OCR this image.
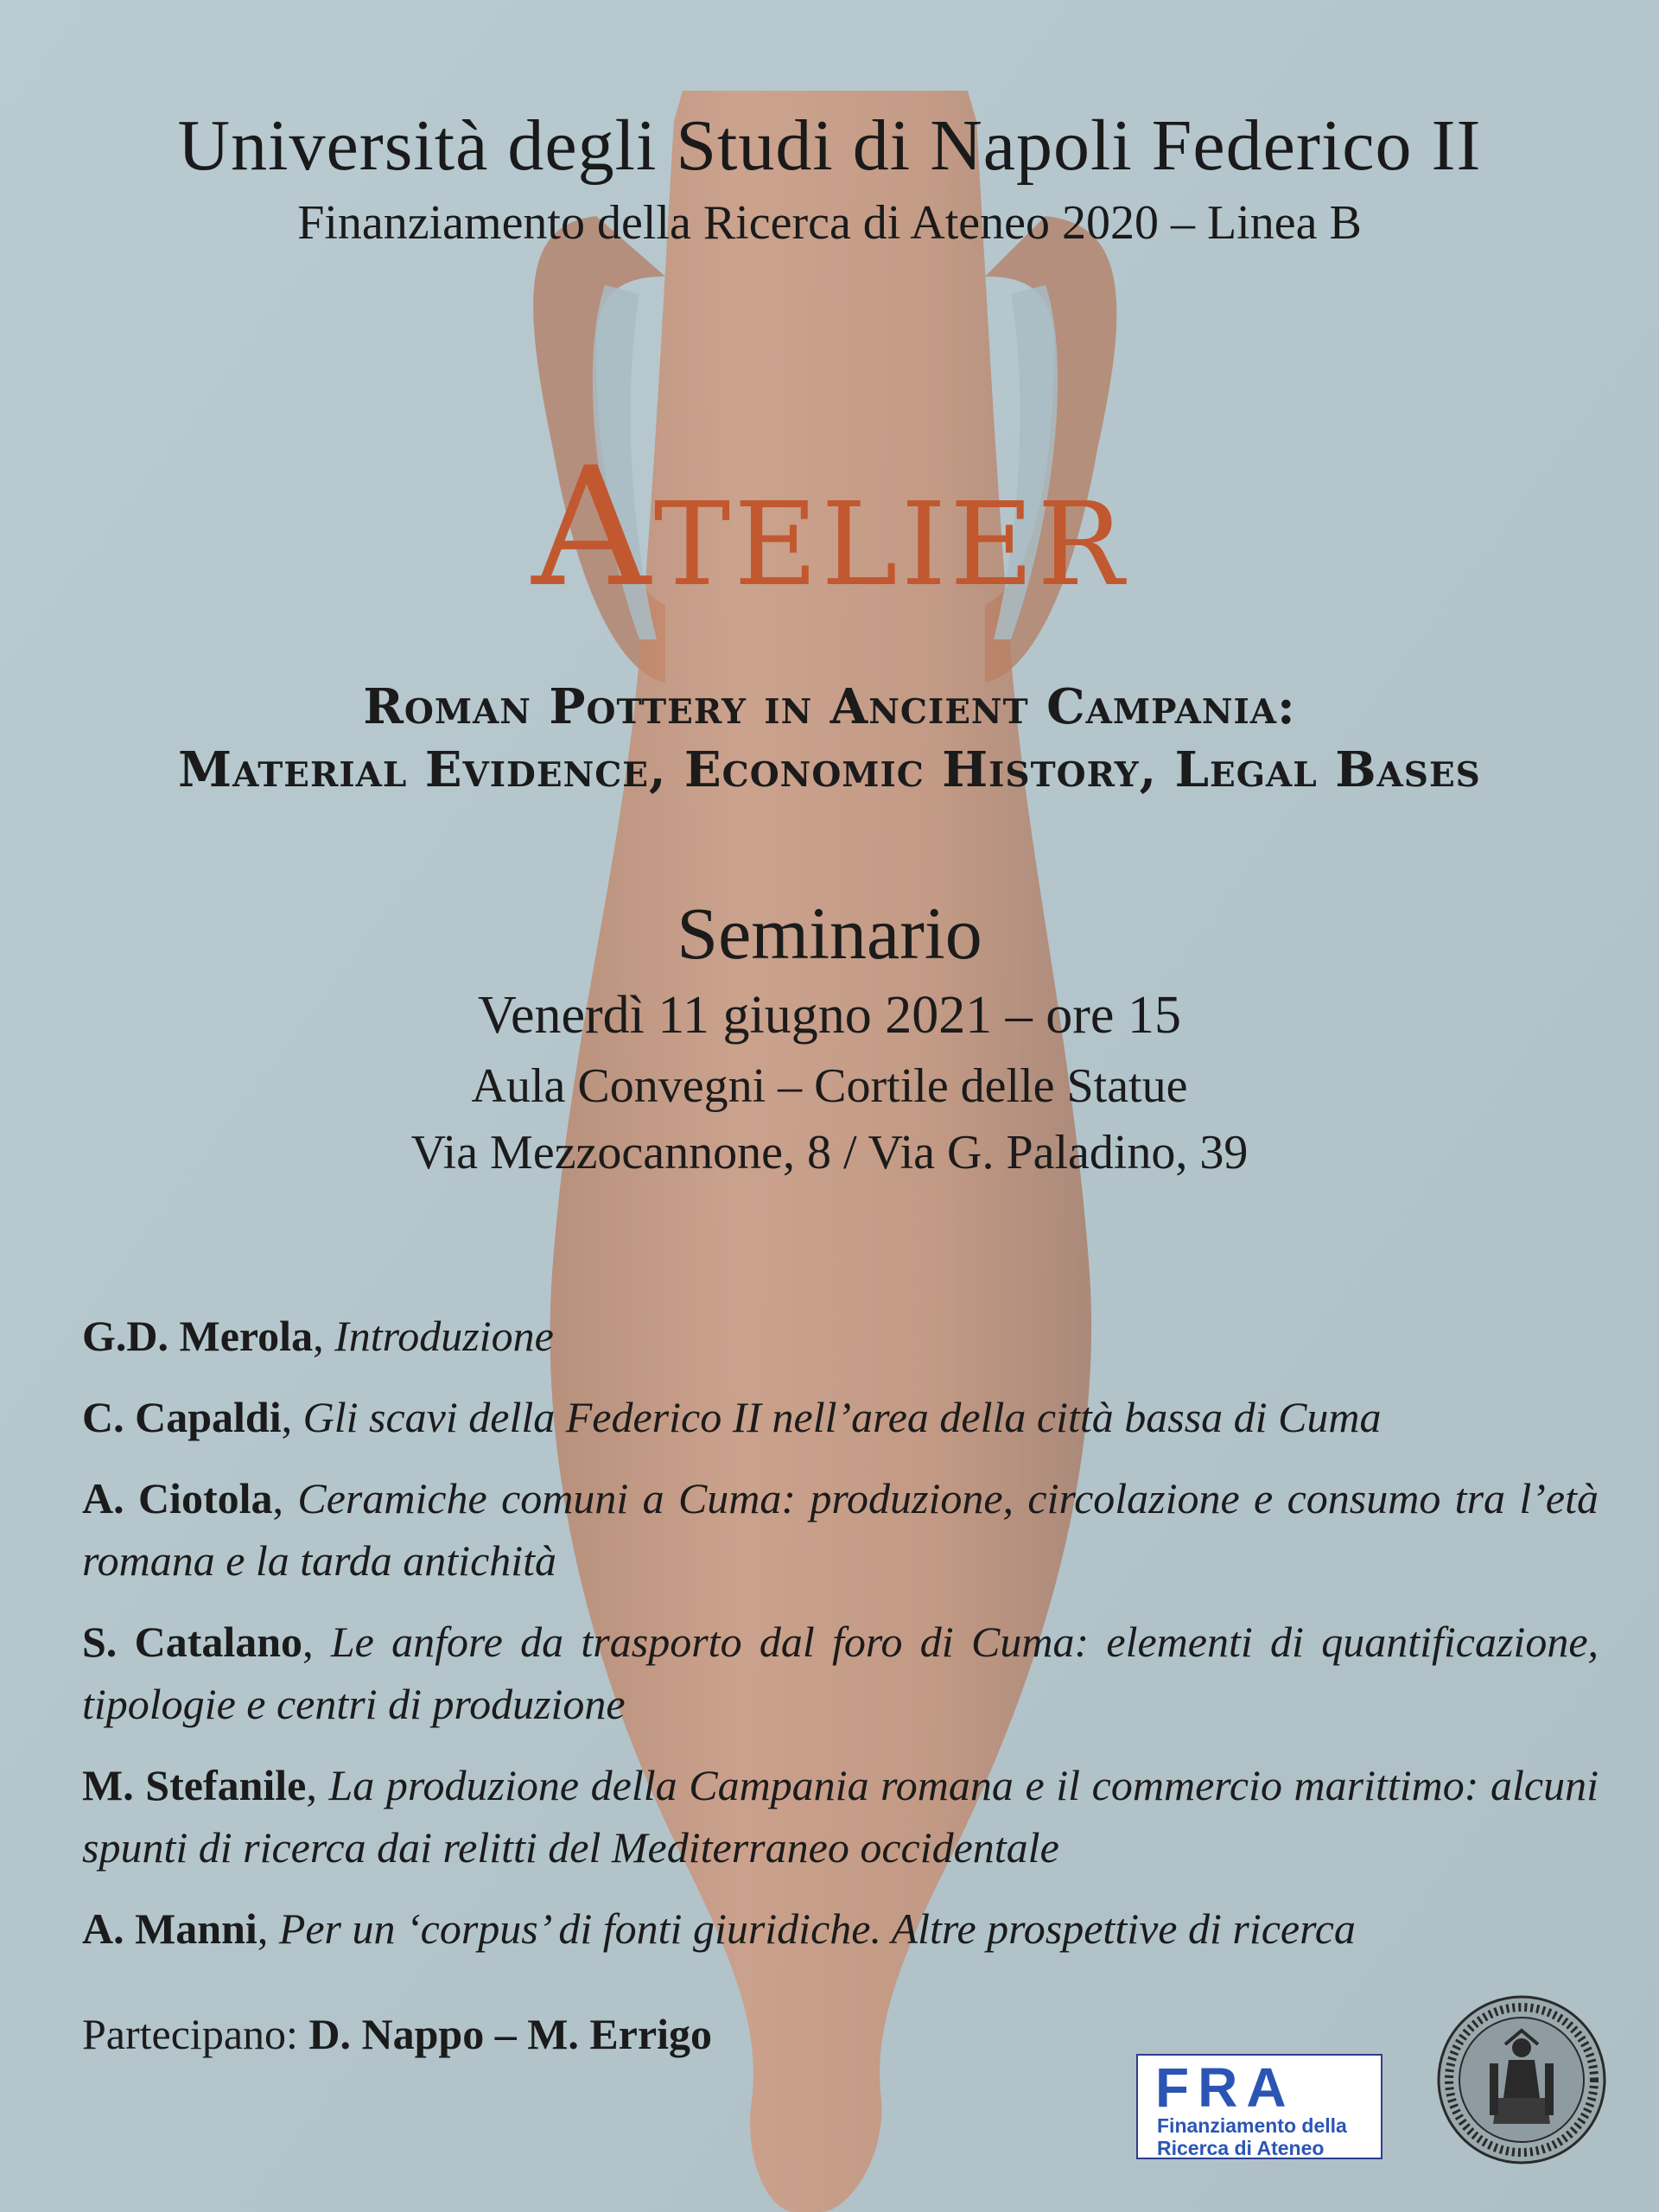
Università degli Studi di Napoli Federico II
Finanziamento della Ricerca di Ateneo 2020 – Linea B
Atelier
Roman Pottery in Ancient Campania:
Material Evidence, Economic History, Legal Bases
Seminario
Venerdì 11 giugno 2021 – ore 15
Aula Convegni – Cortile delle Statue
Via Mezzocannone, 8 / Via G. Paladino, 39
G.D. Merola, Introduzione
C. Capaldi, Gli scavi della Federico II nell’area della città bassa di Cuma
A. Ciotola, Ceramiche comuni a Cuma: produzione, circolazione e consumo tra l’età romana e la tarda antichità
S. Catalano, Le anfore da trasporto dal foro di Cuma: elementi di quantificazione, tipologie e centri di produzione
M. Stefanile, La produzione della Campania romana e il commercio marittimo: alcuni spunti di ricerca dai relitti del Mediterraneo occidentale
A. Manni, Per un ‘corpus’ di fonti giuridiche. Altre prospettive di ricerca
Partecipano: D. Nappo – M. Errigo
FRA
Finanziamento della
Ricerca di Ateneo
